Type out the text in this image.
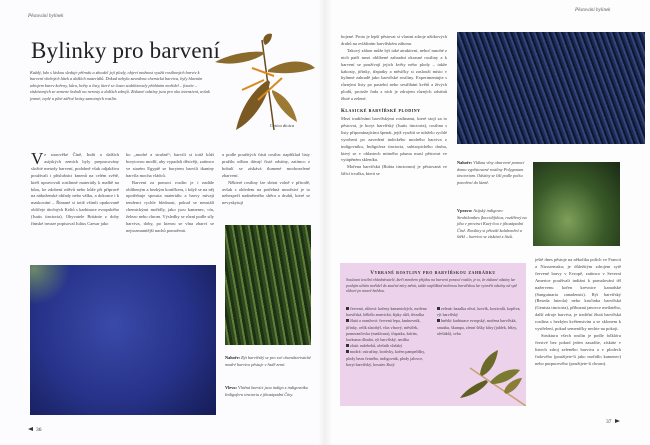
Pěstování bylinek
Bylinky pro barvení
Každý, kdo s láskou sleduje přírodu a zkoušel její plody, objeví možnost využít rostlinných barviv k barvení vlněných látek a dalších materiálů. Dokud nebyla zavedena chemická barviva, byly hlavním zdrojem barev kořeny, kůra, květy a listy, které se často stabilizovaly přidáním mořidel – fixativ – získávaných ze semene bobulí na nerosty a dalších zdrojů. Získané odstíny jsou pro oko intenzivní, avšak jemné, teplé a plné zářivé krásy samotných rostlin.
Urtica dioica

Ve starověké Číně, Indii a dalších asijských zemích byly prepracovány složité metody barvení, podobně však odjakživa používali i příslušníci kmenů na celém světě, kteří upravovali rostlinné materiály k malbě na kůru, ke zdobení oděvů nebo kůže při přípravě na náboženské obřady nebo válku, a dokonce i k maskování – Římané si totiž všimli opakovaně obličeje útočných Keltů s karbinace evropského (Isatis tinctoria). Obyvatele Británie z doby římské invaze popisoval Iulius Caesar jako

ko „modré a strašné“; barvili si totiž kůži borytovou modří, aby vypadali děsivěji, zatímco ve starém Egyptě se borytem barvili tkaniny barvíla mocha vládců.

Barvení za pomoci rostlin je i nadále oblíbeným a hezkým koníčkem, i když se na něj upotřebuje spousta materiálu a barvy mívají tendenci rychle blednout, pokud se neustálí chemickými mořidly, jako jsou kamenec, cín, železo nebo chrom. Výsledky se různí podle síly barviva, doby, po kterou se vlna zbarví se nejrozmanitější nachů pomořená.

a podle použitých částí rostlin: například listy pražilu odbou dávají čisté odstíny, zatímco z bobulí se získává tlumené modrozelené zbarvení.

Některé rostliny lze sbírat volně v přírodě, avšak s ohledem na potřebná množství je to nebezpečí nadměrného sběru a druhů, které se nevyskytují

Nahoře: Rýt barvířský se pro své charakteristické modré barvivo pěstuje v řadě zemí.
Vlevo: Vlněná barvíct jsou indigo z indigovníku Indigofera tinctoria z jihozápadní Číny.
36
Pěstování bylinek

bojené. Proto je lepší pěstovat si vlastní zdroje užitkových druhů na zvláštním barvířském záhonu.

Takový záhon může být také atraktivní, neboť mnohé z nich patří mezi oblíbené zahradní okrasné rostliny a k barvení se používají jejich květy nebo plody – takže kakosty, jiřinky, třapatky a měsíčky si zaslouží místo v bylinné zahradě jako barvířské rostliny. Experimentujte s různými listy po pastelní nebo sestřihání květů a živých plodů, protože řada z nich je zdrojem různých odstínů žluté a zelené.

Klasické barvířské plodiny

Mezi tradičními barvířskými rostlinami, které stojí za to pěstovat, je boryt barvířský (Isatis tinctoria), rostlina s listy připomínajícími špenát, jejíž využití se udrželo rychlé vyrobení po zavedení indického modrého barviva z indigovníku, Indigofera tinctoria, subtropického druhu, který se v oblastech mírného pásma musí pěstovat ve vytápěném skleníku.

Mořena barvířská (Rubia tinctorum) je pěstovaná ve šiřicí trvalka, která se

Nahoře: Vlákna vlny obarvené pomocí domu vypěstované rostliny Polygonum tinctorium. Odstíny se liší podle počtu ponoření do lázně.
Vpravo: Asijský indigovec Strobilanthes flaccidifolius, rozšířený na jihu v provinci Kuej-čou v jihozápadní Číně. Rostliny si přináší kalahonění a štěkl – barvivo se získává z listů.
Vybrané rostliny pro barvířskou zahrádku
Současní textilní ohlednávatelé, kteří mnohem přijdou na barvení pomocí rostlin, je to, že získané odstíny lze pouhým užitím mořidel do značné míry měnit, takže například mořenou barvířskou lze vytvořit odstíny od sytě růžové po tmavě hnědou.
červená, růžová: kořeny kamenických, mořena barvířská, bělidlo americká, šípky růží, třezalka
žlutá a oranžová: červená řepa, kmínovník, jiřinky, celík zlatobýl, vlas vlnový, měsíček, pomerančovka (makloura), třapatka, šafrán, kurkuma dlouhá, rýt barvířský, smilka
zlatá: rudebeků, olešník vlašský
modrá: ostružiny, borůvky, kořen pampelišky, plody bezu černého, indigovník, plody jalovce, boryt barvířský, kosatec žlutý
zelená: bazalka ořezí, kotvík, kostivalů, kopřiva, rýt barvířský
hnědá: karbinace evropský, mořena barvířská, smutku, škumpa, zlesní šišky kůry (jablek, břízy, ořešáků), svba

ještě dnes pěstuje na několika polích ve Francii a Nizozemsku; je důležitým zdrojem sytě červené barvy v Evropě, zatímco v Severní Americe používali indiáni k pomalování těl nažervenu kořen krevnice kanadské (Sanguinaria canadensis). Rýt barvířský (Reseda luteola) nebo kručinka barvířská (Genista tinctoria), příbuzná janovce metlatého, další zdroje barviva, je tradiční žlutá barvířská rostlina s hezkým květenstvím a se sklonem k vystřelení, pokud semeníčky nechte na pokoji.

Strukturu všech rostlin je podle folklóru čerstvé bez pokud jeden zasadíte, získáte v listech zdroj zeleného barviva a v plodech fialového (použijete-li jako mořidlo kamenec) nebo purpurového (použijete-li chrom).

37
